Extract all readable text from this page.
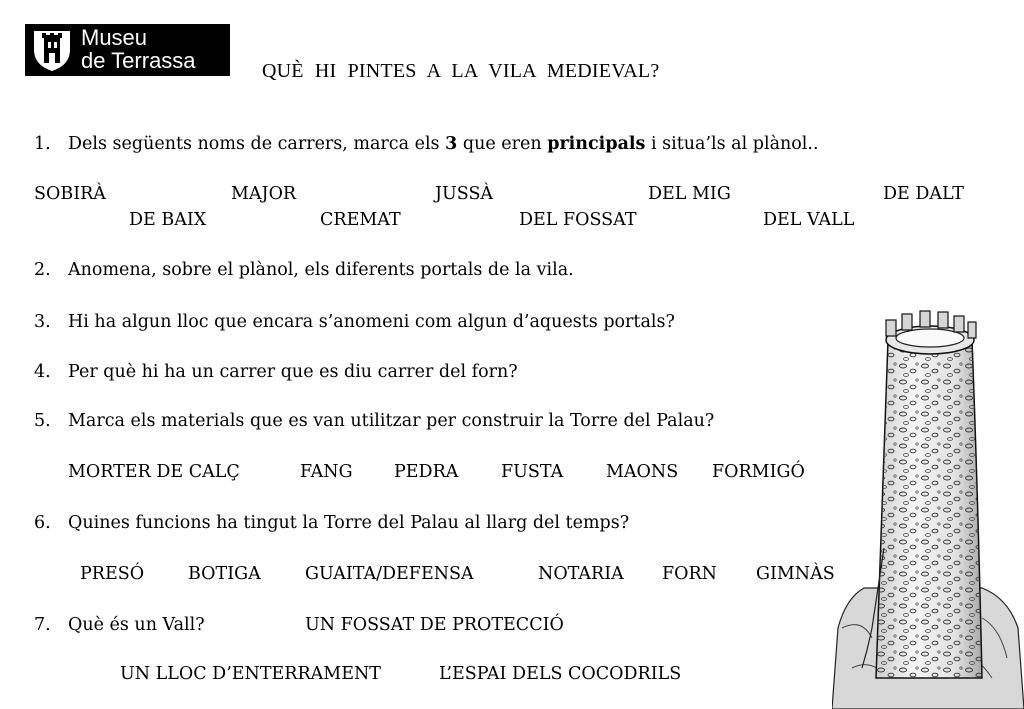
Museu
de Terrassa	QUÈ HI PINTES A LA VILA MEDIEVAL?
1. Dels següents noms de carrers, marca els 3 que eren principals i situa’ls al plànol..
SOBIRÀ	MAJOR	JUSSÀ	DEL MIG	DE DALT
DE BAIX	CREMAT	DEL FOSSAT	DEL VALL
2. Anomena, sobre el plànol, els diferents portals de la vila.
3. Hi ha algun lloc que encara s’anomeni com algun d’aquests portals?
4. Per què hi ha un carrer que es diu carrer del forn?
5. Marca els materials que es van utilitzar per construir la Torre del Palau?
MORTER DE CALÇ	FANG PEDRA FUSTA MAONS FORMIGÓ
6. Quines funcions ha tingut la Torre del Palau al llarg del temps?
PRESÓ	BOTIGA	GUAITA/DEFENSA	NOTARIA FORN GIMNÀS
7. Què és un Vall?	UN FOSSAT DE PROTECCIÓ
UN LLOC D’ENTERRAMENT	L’ESPAI DELS COCODRILS
